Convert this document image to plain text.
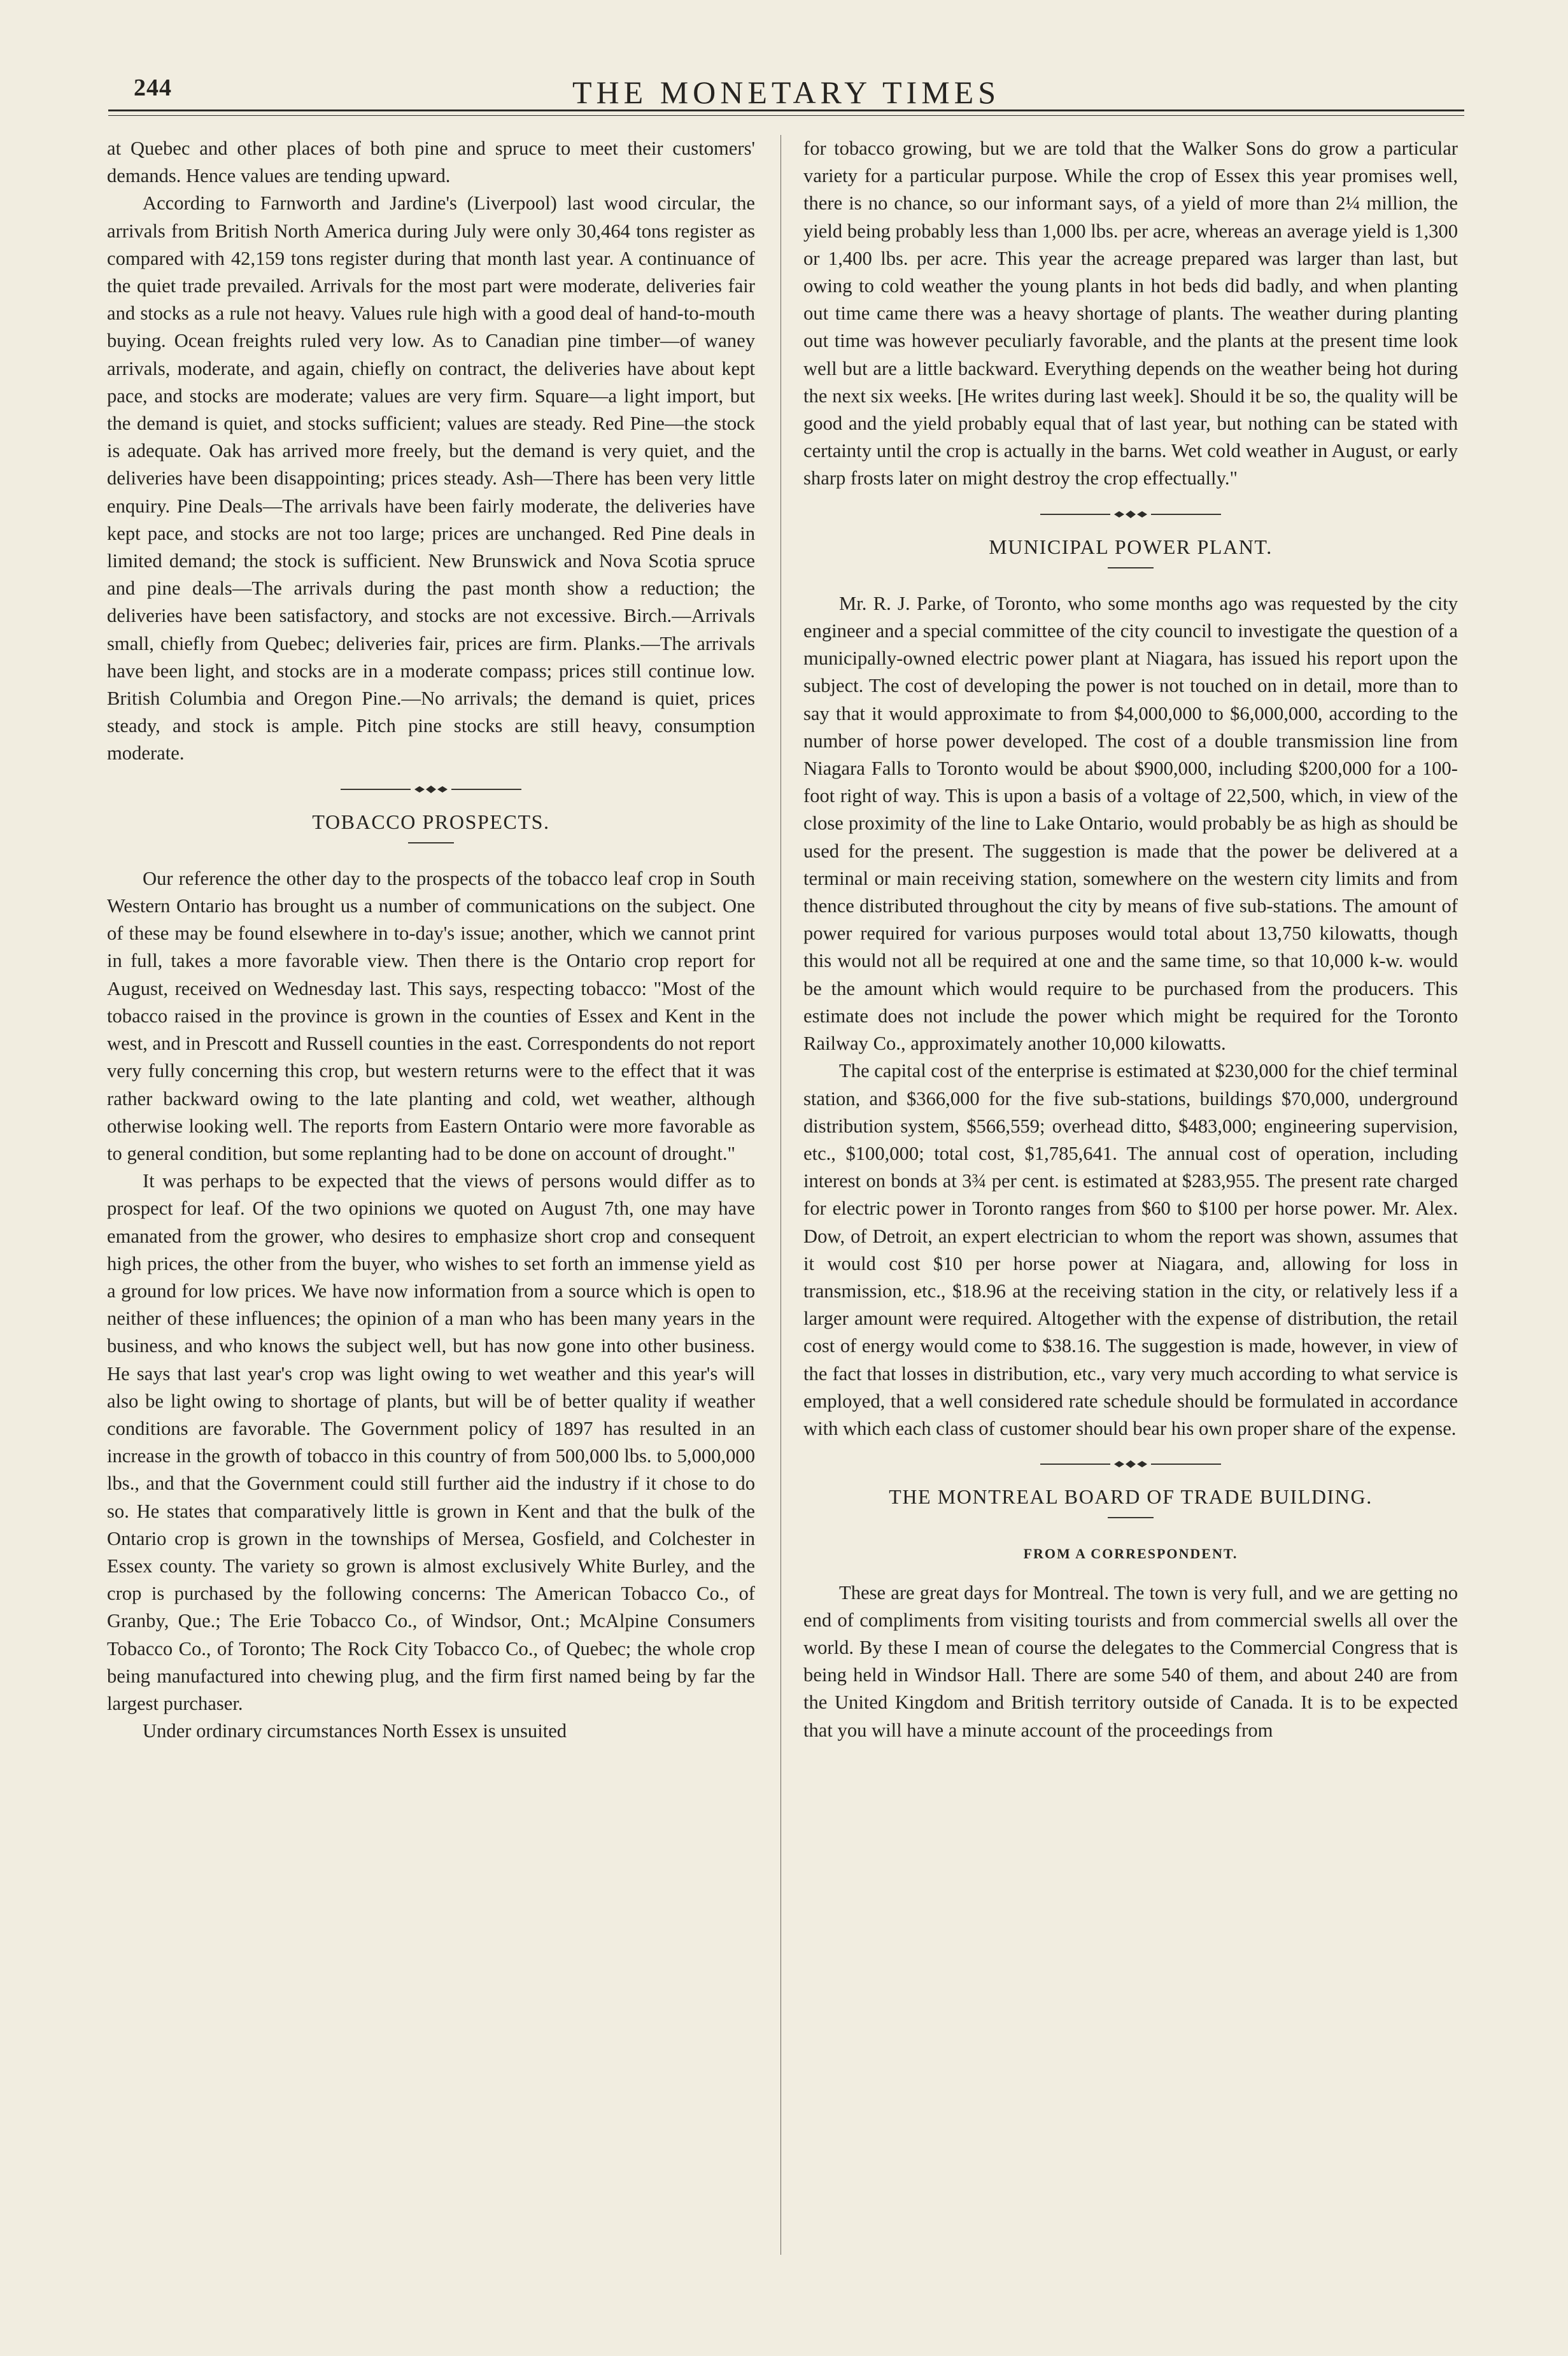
244	THE MONETARY TIMES

at Quebec and other places of both pine and spruce to meet their customers' demands. Hence values are tending upward.

According to Farnworth and Jardine's (Liverpool) last wood circular, the arrivals from British North America during July were only 30,464 tons register as compared with 42,159 tons register during that month last year. A continuance of the quiet trade prevailed. Arrivals for the most part were moderate, deliveries fair and stocks as a rule not heavy. Values rule high with a good deal of hand-to-mouth buying. Ocean freights ruled very low. As to Canadian pine timber—of waney arrivals, moderate, and again, chiefly on contract, the deliveries have about kept pace, and stocks are moderate; values are very firm. Square—a light import, but the demand is quiet, and stocks sufficient; values are steady. Red Pine—the stock is adequate. Oak has arrived more freely, but the demand is very quiet, and the deliveries have been disappointing; prices steady. Ash—There has been very little enquiry. Pine Deals—The arrivals have been fairly moderate, the deliveries have kept pace, and stocks are not too large; prices are unchanged. Red Pine deals in limited demand; the stock is sufficient. New Brunswick and Nova Scotia spruce and pine deals—The arrivals during the past month show a reduction; the deliveries have been satisfactory, and stocks are not excessive. Birch.—Arrivals small, chiefly from Quebec; deliveries fair, prices are firm. Planks.—The arrivals have been light, and stocks are in a moderate compass; prices still continue low. British Columbia and Oregon Pine.—No arrivals; the demand is quiet, prices steady, and stock is ample. Pitch pine stocks are still heavy, consumption moderate.

TOBACCO PROSPECTS.

Our reference the other day to the prospects of the tobacco leaf crop in South Western Ontario has brought us a number of communications on the subject. One of these may be found elsewhere in to-day's issue; another, which we cannot print in full, takes a more favorable view. Then there is the Ontario crop report for August, received on Wednesday last. This says, respecting tobacco: "Most of the tobacco raised in the province is grown in the counties of Essex and Kent in the west, and in Prescott and Russell counties in the east. Correspondents do not report very fully concerning this crop, but western returns were to the effect that it was rather backward owing to the late planting and cold, wet weather, although otherwise looking well. The reports from Eastern Ontario were more favorable as to general condition, but some replanting had to be done on account of drought."

It was perhaps to be expected that the views of persons would differ as to prospect for leaf. Of the two opinions we quoted on August 7th, one may have emanated from the grower, who desires to emphasize short crop and consequent high prices, the other from the buyer, who wishes to set forth an immense yield as a ground for low prices. We have now information from a source which is open to neither of these influences; the opinion of a man who has been many years in the business, and who knows the subject well, but has now gone into other business. He says that last year's crop was light owing to wet weather and this year's will also be light owing to shortage of plants, but will be of better quality if weather conditions are favorable. The Government policy of 1897 has resulted in an increase in the growth of tobacco in this country of from 500,000 lbs. to 5,000,000 lbs., and that the Government could still further aid the industry if it chose to do so. He states that comparatively little is grown in Kent and that the bulk of the Ontario crop is grown in the townships of Mersea, Gosfield, and Colchester in Essex county. The variety so grown is almost exclusively White Burley, and the crop is purchased by the following concerns: The American Tobacco Co., of Granby, Que.; The Erie Tobacco Co., of Windsor, Ont.; McAlpine Consumers Tobacco Co., of Toronto; The Rock City Tobacco Co., of Quebec; the whole crop being manufactured into chewing plug, and the firm first named being by far the largest purchaser.

Under ordinary circumstances North Essex is unsuited

for tobacco growing, but we are told that the Walker Sons do grow a particular variety for a particular purpose. While the crop of Essex this year promises well, there is no chance, so our informant says, of a yield of more than 2¼ million, the yield being probably less than 1,000 lbs. per acre, whereas an average yield is 1,300 or 1,400 lbs. per acre. This year the acreage prepared was larger than last, but owing to cold weather the young plants in hot beds did badly, and when planting out time came there was a heavy shortage of plants. The weather during planting out time was however peculiarly favorable, and the plants at the present time look well but are a little backward. Everything depends on the weather being hot during the next six weeks. [He writes during last week]. Should it be so, the quality will be good and the yield probably equal that of last year, but nothing can be stated with certainty until the crop is actually in the barns. Wet cold weather in August, or early sharp frosts later on might destroy the crop effectually."

MUNICIPAL POWER PLANT.

Mr. R. J. Parke, of Toronto, who some months ago was requested by the city engineer and a special committee of the city council to investigate the question of a municipally-owned electric power plant at Niagara, has issued his report upon the subject. The cost of developing the power is not touched on in detail, more than to say that it would approximate to from $4,000,000 to $6,000,000, according to the number of horse power developed. The cost of a double transmission line from Niagara Falls to Toronto would be about $900,000, including $200,000 for a 100-foot right of way. This is upon a basis of a voltage of 22,500, which, in view of the close proximity of the line to Lake Ontario, would probably be as high as should be used for the present. The suggestion is made that the power be delivered at a terminal or main receiving station, somewhere on the western city limits and from thence distributed throughout the city by means of five sub-stations. The amount of power required for various purposes would total about 13,750 kilowatts, though this would not all be required at one and the same time, so that 10,000 k-w. would be the amount which would require to be purchased from the producers. This estimate does not include the power which might be required for the Toronto Railway Co., approximately another 10,000 kilowatts.

The capital cost of the enterprise is estimated at $230,000 for the chief terminal station, and $366,000 for the five sub-stations, buildings $70,000, underground distribution system, $566,559; overhead ditto, $483,000; engineering supervision, etc., $100,000; total cost, $1,785,641. The annual cost of operation, including interest on bonds at 3¾ per cent. is estimated at $283,955. The present rate charged for electric power in Toronto ranges from $60 to $100 per horse power. Mr. Alex. Dow, of Detroit, an expert electrician to whom the report was shown, assumes that it would cost $10 per horse power at Niagara, and, allowing for loss in transmission, etc., $18.96 at the receiving station in the city, or relatively less if a larger amount were required. Altogether with the expense of distribution, the retail cost of energy would come to $38.16. The suggestion is made, however, in view of the fact that losses in distribution, etc., vary very much according to what service is employed, that a well considered rate schedule should be formulated in accordance with which each class of customer should bear his own proper share of the expense.

THE MONTREAL BOARD OF TRADE BUILDING.
FROM A CORRESPONDENT.

These are great days for Montreal. The town is very full, and we are getting no end of compliments from visiting tourists and from commercial swells all over the world. By these I mean of course the delegates to the Commercial Congress that is being held in Windsor Hall. There are some 540 of them, and about 240 are from the United Kingdom and British territory outside of Canada. It is to be expected that you will have a minute account of the proceedings from
